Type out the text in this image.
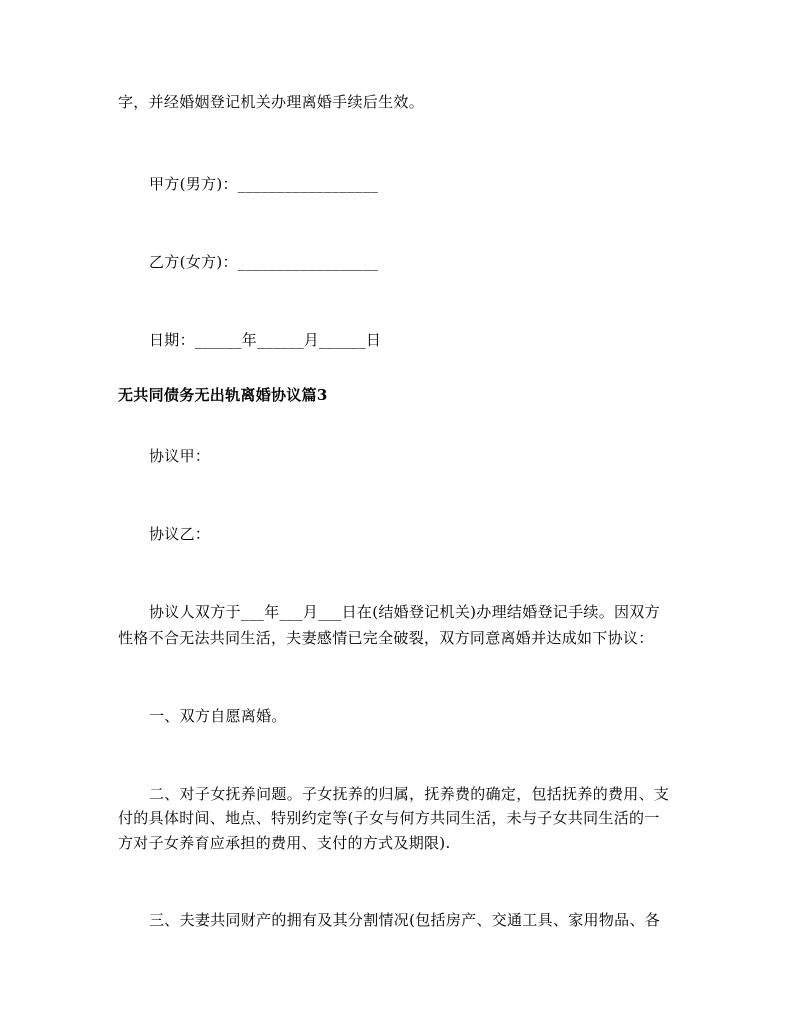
字，并经婚姻登记机关办理离婚手续后生效。
甲方(男方)：__________________
乙方(女方)：__________________
日期：______年______月______日
无共同债务无出轨离婚协议篇3
协议甲：
协议乙：
协议人双方于___年___月___日在(结婚登记机关)办理结婚登记手续。因双方
性格不合无法共同生活，夫妻感情已完全破裂，双方同意离婚并达成如下协议：
一、双方自愿离婚。
二、对子女抚养问题。子女抚养的归属，抚养费的确定，包括抚养的费用、支
付的具体时间、地点、特别约定等(子女与何方共同生活，未与子女共同生活的一
方对子女养育应承担的费用、支付的方式及期限).
三、夫妻共同财产的拥有及其分割情况(包括房产、交通工具、家用物品、各
